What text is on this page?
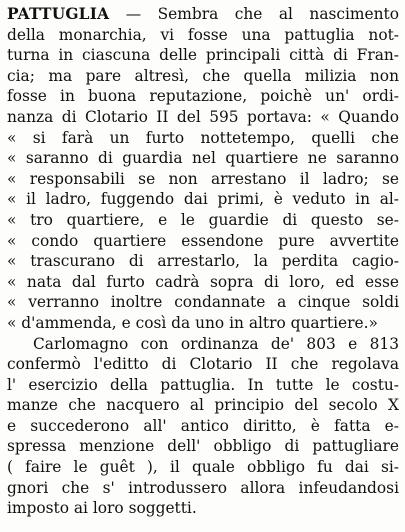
PATTUGLIA — Sembra che al nascimento
della monarchia, vi fosse una pattuglia not-
turna in ciascuna delle principali città di Fran-
cia; ma pare altresì, che quella milizia non
fosse in buona reputazione, poichè un' ordi-
nanza di Clotario II del 595 portava: « Quando
« si farà un furto nottetempo, quelli che
« saranno di guardia nel quartiere ne saranno
« responsabili se non arrestano il ladro; se
« il ladro, fuggendo dai primi, è veduto in al-
« tro quartiere, e le guardie di questo se-
« condo quartiere essendone pure avvertite
« trascurano di arrestarlo, la perdita cagio-
« nata dal furto cadrà sopra di loro, ed esse
« verranno inoltre condannate a cinque soldi
« d'ammenda, e così da uno in altro quartiere.»
Carlomagno con ordinanza de' 803 e 813
confermò l'editto di Clotario II che regolava
l' esercizio della pattuglia. In tutte le costu-
manze che nacquero al principio del secolo X
e succederono all' antico diritto, è fatta e-
spressa menzione dell' obbligo di pattugliare
( faire le guêt ), il quale obbligo fu dai si-
gnori che s' introdussero allora infeudandosi
imposto ai loro soggetti.
